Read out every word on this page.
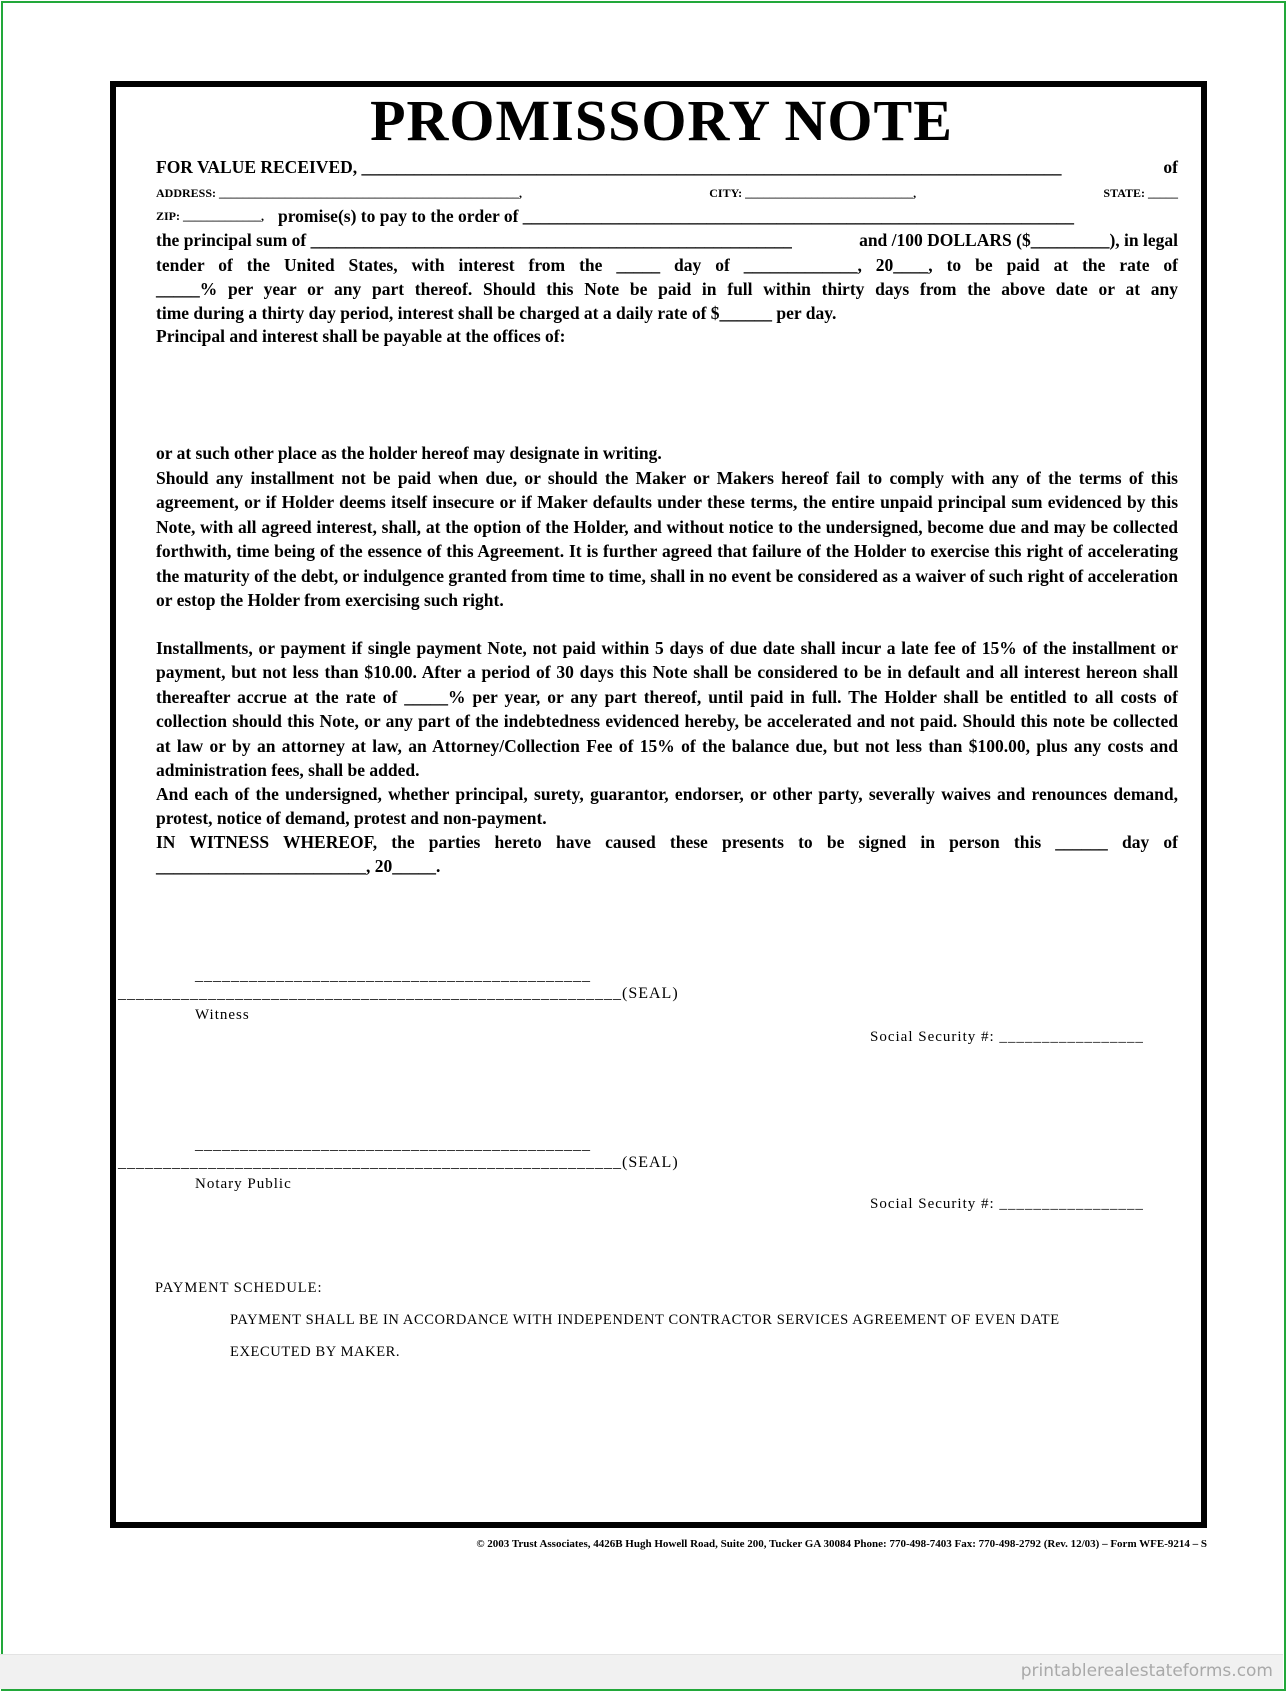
PROMISSORY NOTE
FOR VALUE RECEIVED, ________________________________________________________________________________	of
ADDRESS: __________________________________________________,	CITY: ____________________________,	STATE: _____
ZIP: _____________, promise(s) to pay to the order of _______________________________________________________________
the principal sum of _______________________________________________________	and /100 DOLLARS ($_________), in legal
tender of the United States, with interest from the _____ day of _____________, 20____, to be paid at the rate of
_____% per year or any part thereof. Should this Note be paid in full within thirty days from the above date or at any
time during a thirty day period, interest shall be charged at a daily rate of $______ per day.
Principal and interest shall be payable at the offices of:
or at such other place as the holder hereof may designate in writing.
Should any installment not be paid when due, or should the Maker or Makers hereof fail to comply with any of the terms of this agreement, or if Holder deems itself insecure or if Maker defaults under these terms, the entire unpaid principal sum evidenced by this Note, with all agreed interest, shall, at the option of the Holder, and without notice to the undersigned, become due and may be collected forthwith, time being of the essence of this Agreement. It is further agreed that failure of the Holder to exercise this right of accelerating the maturity of the debt, or indulgence granted from time to time, shall in no event be considered as a waiver of such right of acceleration or estop the Holder from exercising such right.
Installments, or payment if single payment Note, not paid within 5 days of due date shall incur a late fee of 15% of the installment or payment, but not less than $10.00. After a period of 30 days this Note shall be considered to be in default and all interest hereon shall thereafter accrue at the rate of _____% per year, or any part thereof, until paid in full. The Holder shall be entitled to all costs of collection should this Note, or any part of the indebtedness evidenced hereby, be accelerated and not paid. Should this note be collected at law or by an attorney at law, an Attorney/Collection Fee of 15% of the balance due, but not less than $100.00, plus any costs and administration fees, shall be added.
And each of the undersigned, whether principal, surety, guarantor, endorser, or other party, severally waives and renounces demand, protest, notice of demand, protest and non-payment.
IN WITNESS WHEREOF, the parties hereto have caused these presents to be signed in person this ______ day of ________________________, 20_____.
____________________________________________
________________________________________________________(SEAL)
Witness
Social Security #: _________________
____________________________________________
________________________________________________________(SEAL)
Notary Public
Social Security #: _________________
PAYMENT SCHEDULE:
PAYMENT SHALL BE IN ACCORDANCE WITH INDEPENDENT CONTRACTOR SERVICES AGREEMENT OF EVEN DATE
EXECUTED BY MAKER.
© 2003 Trust Associates, 4426B Hugh Howell Road, Suite 200, Tucker GA 30084 Phone: 770-498-7403 Fax: 770-498-2792 (Rev. 12/03) – Form WFE-9214 – S
printablerealestateforms.com
